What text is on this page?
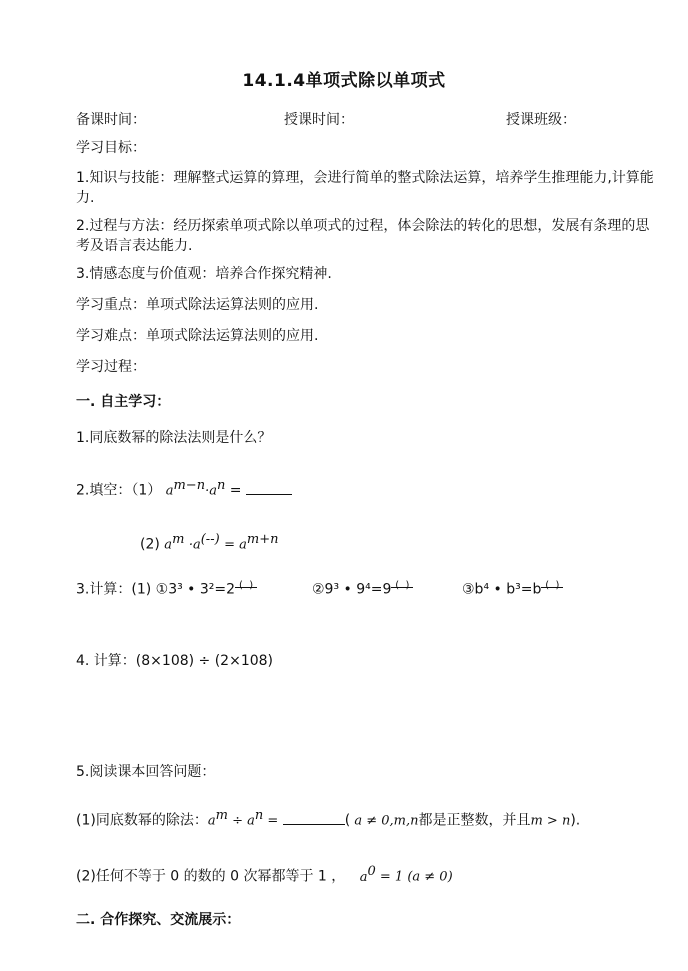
14.1.4单项式除以单项式
备课时间：	授课时间：	授课班级：
学习目标：
1.知识与技能：理解整式运算的算理，会进行简单的整式除法运算，培养学生推理能力,计算能力.
2.过程与方法：经历探索单项式除以单项式的过程，体会除法的转化的思想，发展有条理的思考及语言表达能力.
3.情感态度与价值观：培养合作探究精神.
学习重点：单项式除法运算法则的应用.
学习难点：单项式除法运算法则的应用.
学习过程：
一. 自主学习：
1.同底数幂的除法法则是什么？
2.填空：（1） $a^{m-n}\cdot a^n$ =
(2) $a^m \cdot a^{(--)} = a^{m+n}$
3.计算：(1) ①3³ • 3²=2 (  )	②9³ • 9⁴=9 (  )	③b⁴ • b³=b (  )
4. 计算：(8×108) ÷ (2×108)
5.阅读课本回答问题：
(1)同底数幂的除法：$a^m \div a^n$ =	( a ≠ 0,m,n都是正整数，并且m > n).
(2)任何不等于 0 的数的 0 次幂都等于 1 ， $a^0 = 1$ (a ≠ 0)
二. 合作探究、交流展示：
